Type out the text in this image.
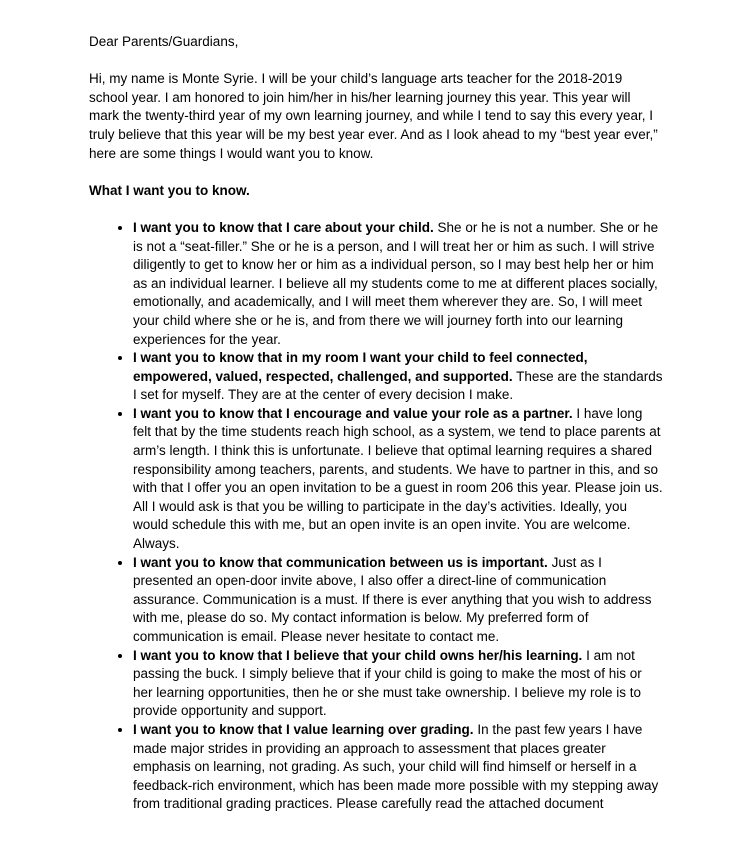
Dear Parents/Guardians,

Hi, my name is Monte Syrie. I will be your child’s language arts teacher for the 2018-2019 school year. I am honored to join him/her in his/her learning journey this year. This year will mark the twenty-third year of my own learning journey, and while I tend to say this every year, I truly believe that this year will be my best year ever. And as I look ahead to my “best year ever,” here are some things I would want you to know.

What I want you to know.

• I want you to know that I care about your child. She or he is not a number. She or he is not a “seat-filler.” She or he is a person, and I will treat her or him as such. I will strive diligently to get to know her or him as a individual person, so I may best help her or him as an individual learner. I believe all my students come to me at different places socially, emotionally, and academically, and I will meet them wherever they are. So, I will meet your child where she or he is, and from there we will journey forth into our learning experiences for the year.
• I want you to know that in my room I want your child to feel connected, empowered, valued, respected, challenged, and supported. These are the standards I set for myself. They are at the center of every decision I make.
• I want you to know that I encourage and value your role as a partner. I have long felt that by the time students reach high school, as a system, we tend to place parents at arm’s length. I think this is unfortunate. I believe that optimal learning requires a shared responsibility among teachers, parents, and students. We have to partner in this, and so with that I offer you an open invitation to be a guest in room 206 this year. Please join us. All I would ask is that you be willing to participate in the day’s activities. Ideally, you would schedule this with me, but an open invite is an open invite. You are welcome. Always.
• I want you to know that communication between us is important. Just as I presented an open-door invite above, I also offer a direct-line of communication assurance. Communication is a must. If there is ever anything that you wish to address with me, please do so. My contact information is below. My preferred form of communication is email. Please never hesitate to contact me.
• I want you to know that I believe that your child owns her/his learning. I am not passing the buck. I simply believe that if your child is going to make the most of his or her learning opportunities, then he or she must take ownership. I believe my role is to provide opportunity and support.
• I want you to know that I value learning over grading. In the past few years I have made major strides in providing an approach to assessment that places greater emphasis on learning, not grading. As such, your child will find himself or herself in a feedback-rich environment, which has been made more possible with my stepping away from traditional grading practices. Please carefully read the attached document
